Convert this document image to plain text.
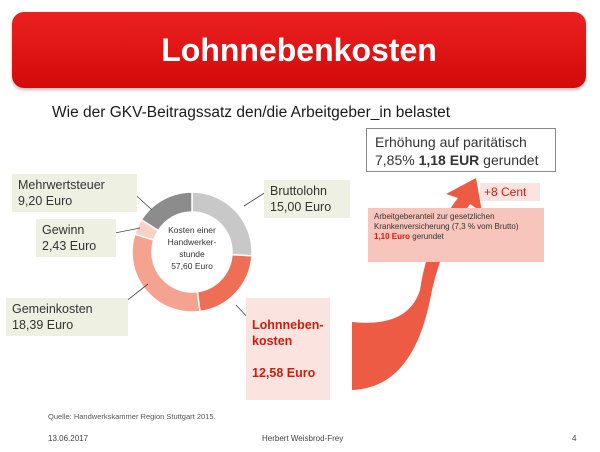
Lohnnebenkosten
Wie der GKV-Beitragssatz den/die Arbeitgeber_in belastet
Kosten einer
Handwerker-
stunde
57,60 Euro
Mehrwertsteuer
9,20 Euro
Gewinn
2,43 Euro
Gemeinkosten
18,39 Euro
Bruttolohn
15,00 Euro

Lohnneben-
kosten

12,58 Euro

Erhöhung auf paritätisch
7,85% 1,18 EUR gerundet
+8 Cent
Arbeitgeberanteil zur gesetzlichen
Krankenversicherung (7,3 % vom Brutto)
1,10 Euro gerundet
Quelle: Handwerkskammer Region Stuttgart 2015.
13.06.2017	Herbert Weisbrod-Frey	4
